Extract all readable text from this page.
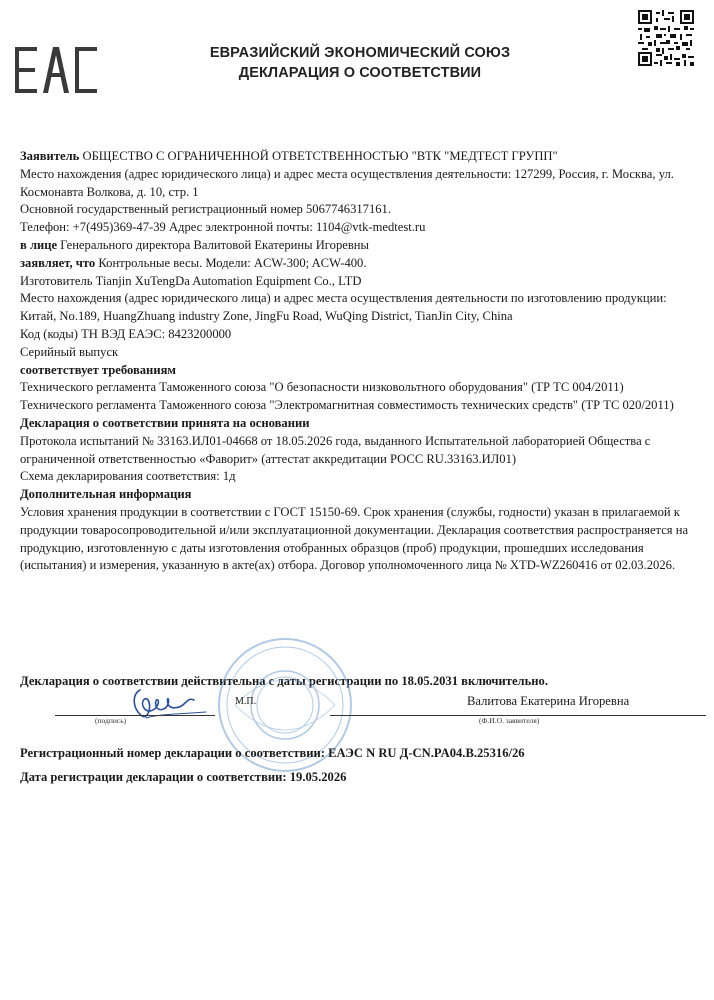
ЕВРАЗИЙСКИЙ ЭКОНОМИЧЕСКИЙ СОЮЗ
ДЕКЛАРАЦИЯ О СООТВЕТСТВИИ

Заявитель ОБЩЕСТВО С ОГРАНИЧЕННОЙ ОТВЕТСТВЕННОСТЬЮ "ВТК "МЕДТЕСТ ГРУПП"

Место нахождения (адрес юридического лица) и адрес места осуществления деятельности: 127299, Россия, г. Москва, ул. Космонавта Волкова, д. 10, стр. 1

Основной государственный регистрационный номер 5067746317161.

Телефон: +7(495)369-47-39 Адрес электронной почты: 1104@vtk-medtest.ru

в лице Генерального директора Валитовой Екатерины Игоревны

заявляет, что Контрольные весы. Модели: ACW-300; ACW-400.

Изготовитель Tianjin XuTengDa Automation Equipment Co., LTD

Место нахождения (адрес юридического лица) и адрес места осуществления деятельности по изготовлению продукции: Китай, No.189, HuangZhuang industry Zone, JingFu Road, WuQing District, TianJin City, China

Код (коды) ТН ВЭД ЕАЭС: 8423200000

Серийный выпуск

соответствует требованиям

Технического регламента Таможенного союза "О безопасности низковольтного оборудования" (ТР ТС 004/2011)

Технического регламента Таможенного союза "Электромагнитная совместимость технических средств" (ТР ТС 020/2011)

Декларация о соответствии принята на основании

Протокола испытаний № 33163.ИЛ01-04668 от 18.05.2026 года, выданного Испытательной лабораторией Общества с ограниченной ответственностью «Фаворит» (аттестат аккредитации РОСС RU.33163.ИЛ01)

Схема декларирования соответствия: 1д

Дополнительная информация

Условия хранения продукции в соответствии с ГОСТ 15150-69. Срок хранения (службы, годности) указан в прилагаемой к продукции товаросопроводительной и/или эксплуатационной документации. Декларация соответствия распространяется на продукцию, изготовленную с даты изготовления отобранных образцов (проб) продукции, прошедших исследования (испытания) и измерения, указанную в акте(ах) отбора. Договор уполномоченного лица № XTD-WZ260416 от 02.03.2026.

Декларация о соответствии действительна с даты регистрации по 18.05.2031 включительно.
М.П.	Валитова Екатерина Игоревна
(подпись)	(Ф.И.О. заявителя)
Регистрационный номер декларации о соответствии: ЕАЭС N RU Д-CN.PA04.B.25316/26
Дата регистрации декларации о соответствии: 19.05.2026
